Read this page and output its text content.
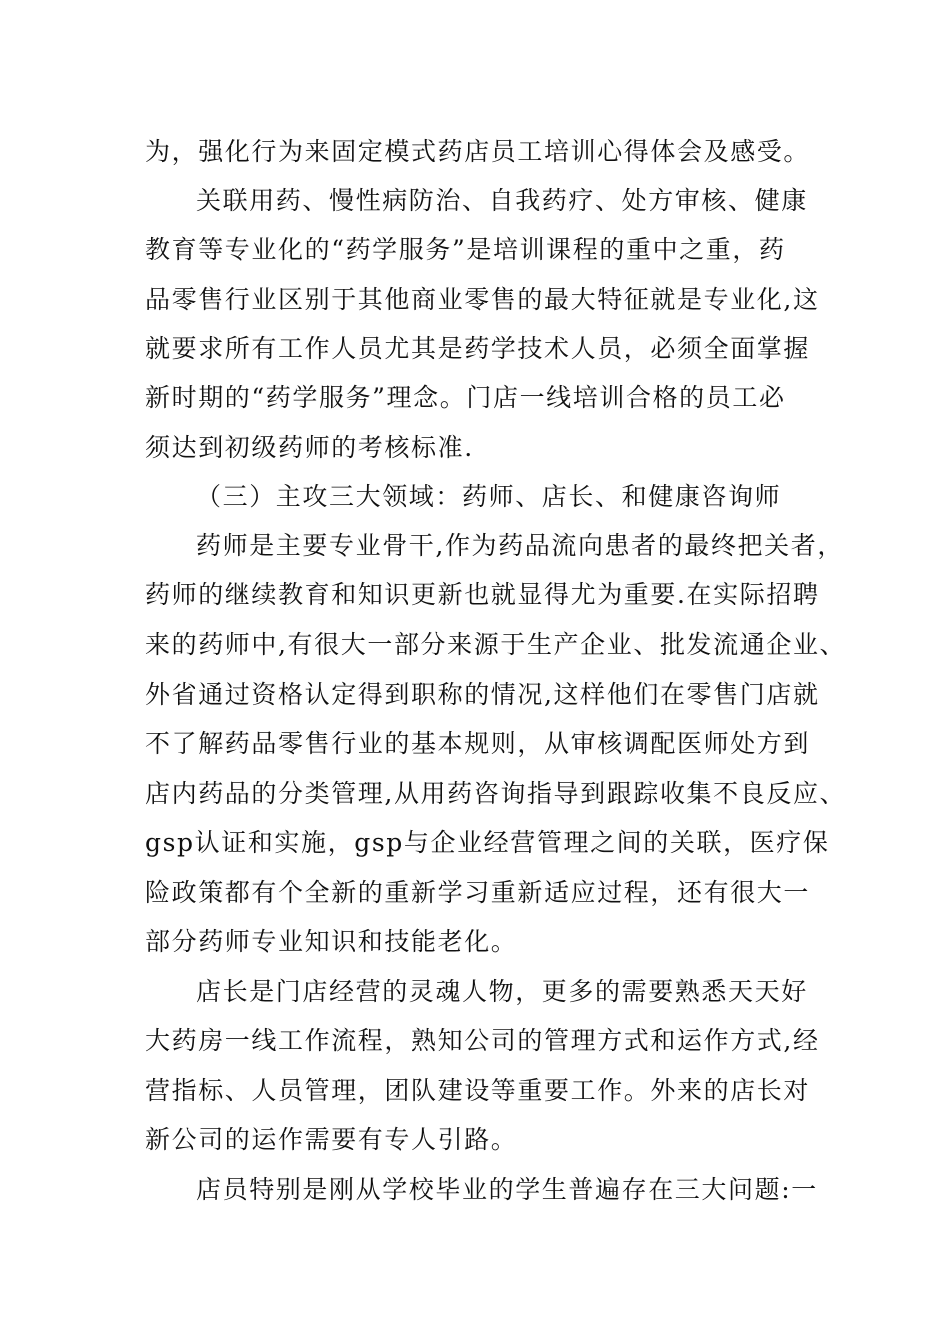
为，强化行为来固定模式药店员工培训心得体会及感受。
关联用药、慢性病防治、自我药疗、处方审核、健康
教育等专业化的“药学服务”是培训课程的重中之重，药
品零售行业区别于其他商业零售的最大特征就是专业化,这
就要求所有工作人员尤其是药学技术人员，必须全面掌握
新时期的“药学服务”理念。门店一线培训合格的员工必
须达到初级药师的考核标准.
（三）主攻三大领域：药师、店长、和健康咨询师
药师是主要专业骨干,作为药品流向患者的最终把关者，
药师的继续教育和知识更新也就显得尤为重要.在实际招聘
来的药师中,有很大一部分来源于生产企业、批发流通企业、
外省通过资格认定得到职称的情况,这样他们在零售门店就
不了解药品零售行业的基本规则，从审核调配医师处方到
店内药品的分类管理,从用药咨询指导到跟踪收集不良反应、
gsp认证和实施，gsp与企业经营管理之间的关联，医疗保
险政策都有个全新的重新学习重新适应过程，还有很大一
部分药师专业知识和技能老化。
店长是门店经营的灵魂人物，更多的需要熟悉天天好
大药房一线工作流程，熟知公司的管理方式和运作方式,经
营指标、人员管理，团队建设等重要工作。外来的店长对
新公司的运作需要有专人引路。
店员特别是刚从学校毕业的学生普遍存在三大问题:一
